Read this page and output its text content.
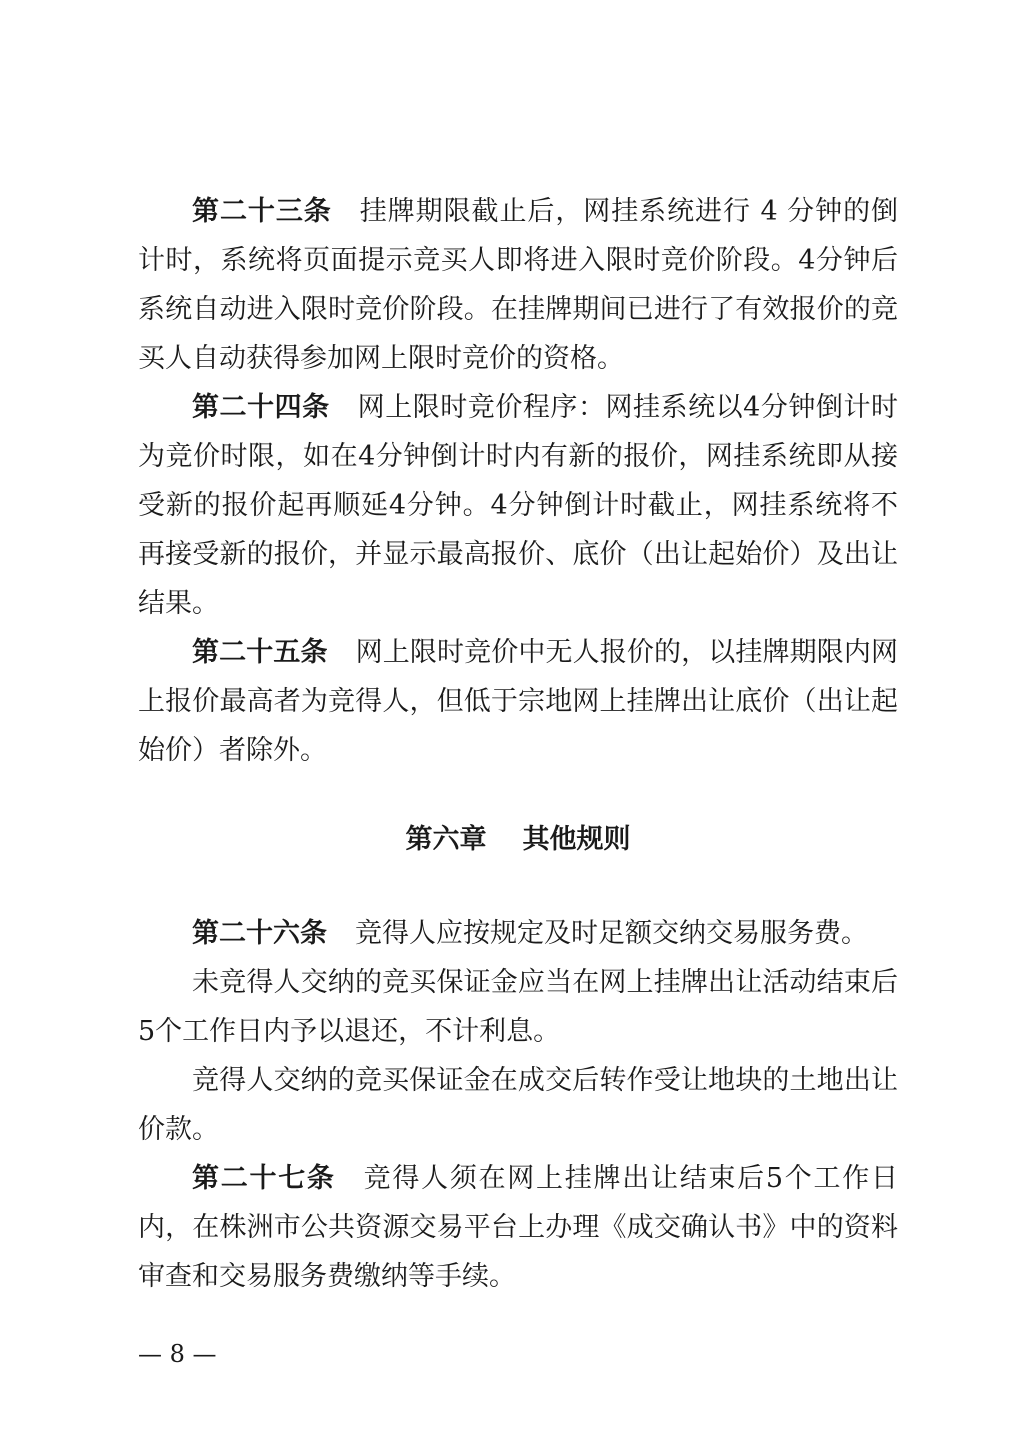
第二十三条 挂牌期限截止后，网挂系统进行 4 分钟的倒计时，系统将页面提示竞买人即将进入限时竞价阶段。4分钟后系统自动进入限时竞价阶段。在挂牌期间已进行了有效报价的竞买人自动获得参加网上限时竞价的资格。

第二十四条 网上限时竞价程序：网挂系统以4分钟倒计时为竞价时限，如在4分钟倒计时内有新的报价，网挂系统即从接受新的报价起再顺延4分钟。4分钟倒计时截止，网挂系统将不再接受新的报价，并显示最高报价、底价（出让起始价）及出让结果。

第二十五条 网上限时竞价中无人报价的，以挂牌期限内网上报价最高者为竞得人，但低于宗地网上挂牌出让底价（出让起始价）者除外。

第六章 其他规则

第二十六条 竞得人应按规定及时足额交纳交易服务费。

未竞得人交纳的竞买保证金应当在网上挂牌出让活动结束后5个工作日内予以退还，不计利息。

竞得人交纳的竞买保证金在成交后转作受让地块的土地出让价款。

第二十七条 竞得人须在网上挂牌出让结束后5个工作日内，在株洲市公共资源交易平台上办理《成交确认书》中的资料审查和交易服务费缴纳等手续。

— 8 —
